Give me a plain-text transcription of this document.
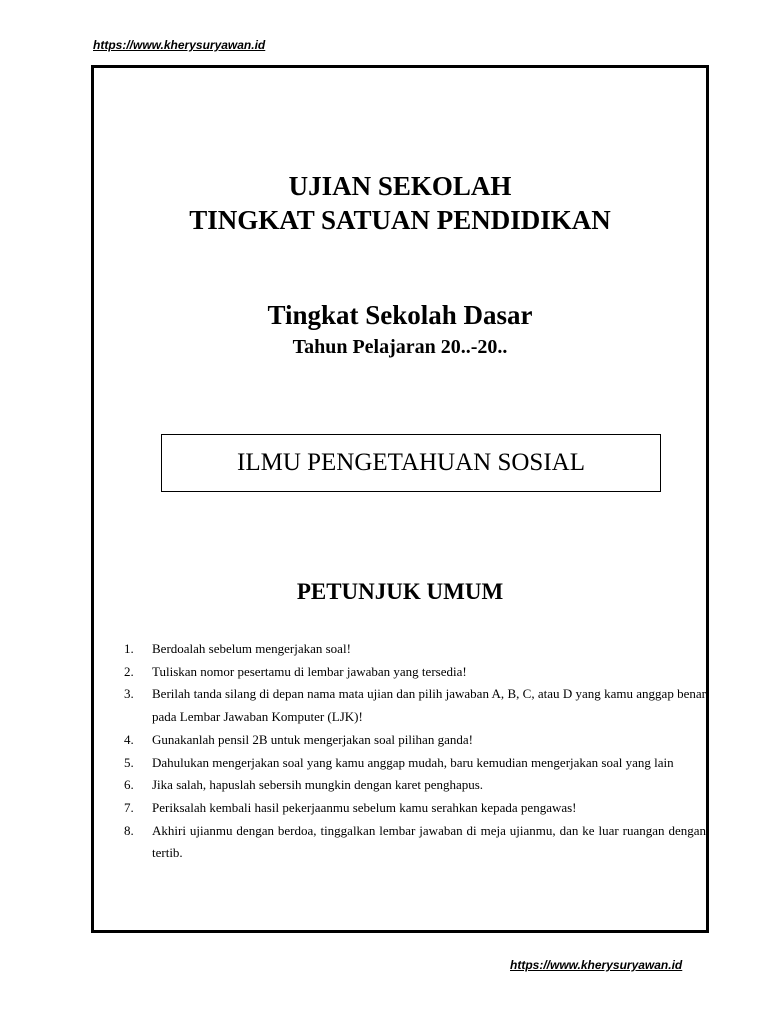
https://www.kherysuryawan.id
UJIAN SEKOLAH
TINGKAT SATUAN PENDIDIKAN
Tingkat Sekolah Dasar
Tahun Pelajaran 20..-20..
ILMU PENGETAHUAN SOSIAL
PETUNJUK UMUM
1. Berdoalah sebelum mengerjakan soal!
2. Tuliskan nomor pesertamu di lembar jawaban yang tersedia!
3. Berilah tanda silang di depan nama mata ujian dan pilih jawaban A, B, C, atau D yang kamu anggap benar pada Lembar Jawaban Komputer (LJK)!
4. Gunakanlah pensil 2B untuk mengerjakan soal pilihan ganda!
5. Dahulukan mengerjakan soal yang kamu anggap mudah, baru kemudian mengerjakan soal yang lain
6. Jika salah, hapuslah sebersih mungkin dengan karet penghapus.
7. Periksalah kembali hasil pekerjaanmu sebelum kamu serahkan kepada pengawas!
8. Akhiri ujianmu dengan berdoa, tinggalkan lembar jawaban di meja ujianmu, dan ke luar ruangan dengan tertib.
https://www.kherysuryawan.id
